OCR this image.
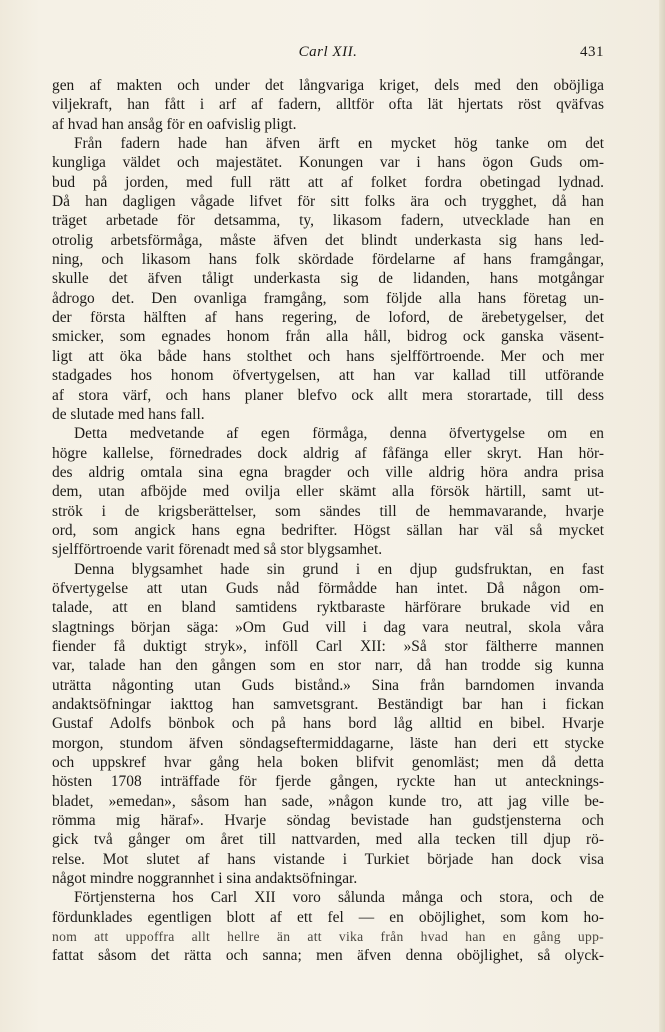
Carl XII.	431
gen af makten och under det långvariga kriget, dels med den oböjliga
viljekraft, han fått i arf af fadern, alltför ofta lät hjertats röst qväfvas
af hvad han ansåg för en oafvislig pligt.
Från fadern hade han äfven ärft en mycket hög tanke om det
kungliga väldet och majestätet. Konungen var i hans ögon Guds om-
bud på jorden, med full rätt att af folket fordra obetingad lydnad.
Då han dagligen vågade lifvet för sitt folks ära och trygghet, då han
träget arbetade för detsamma, ty, likasom fadern, utvecklade han en
otrolig arbetsförmåga, måste äfven det blindt underkasta sig hans led-
ning, och likasom hans folk skördade fördelarne af hans framgångar,
skulle det äfven tåligt underkasta sig de lidanden, hans motgångar
ådrogo det. Den ovanliga framgång, som följde alla hans företag un-
der första hälften af hans regering, de loford, de ärebetygelser, det
smicker, som egnades honom från alla håll, bidrog ock ganska väsent-
ligt att öka både hans stolthet och hans sjelfförtroende. Mer och mer
stadgades hos honom öfvertygelsen, att han var kallad till utförande
af stora värf, och hans planer blefvo ock allt mera storartade, till dess
de slutade med hans fall.
Detta medvetande af egen förmåga, denna öfvertygelse om en
högre kallelse, förnedrades dock aldrig af fåfänga eller skryt. Han hör-
des aldrig omtala sina egna bragder och ville aldrig höra andra prisa
dem, utan afböjde med ovilja eller skämt alla försök härtill, samt ut-
strök i de krigsberättelser, som sändes till de hemmavarande, hvarje
ord, som angick hans egna bedrifter. Högst sällan har väl så mycket
sjelfförtroende varit förenadt med så stor blygsamhet.
Denna blygsamhet hade sin grund i en djup gudsfruktan, en fast
öfvertygelse att utan Guds nåd förmådde han intet. Då någon om-
talade, att en bland samtidens ryktbaraste härförare brukade vid en
slagtnings början säga: »Om Gud vill i dag vara neutral, skola våra
fiender få duktigt stryk», inföll Carl XII: »Så stor fältherre mannen
var, talade han den gången som en stor narr, då han trodde sig kunna
uträtta någonting utan Guds bistånd.» Sina från barndomen invanda
andaktsöfningar iakttog han samvetsgrant. Beständigt bar han i fickan
Gustaf Adolfs bönbok och på hans bord låg alltid en bibel. Hvarje
morgon, stundom äfven söndagseftermiddagarne, läste han deri ett stycke
och uppskref hvar gång hela boken blifvit genomläst; men då detta
hösten 1708 inträffade för fjerde gången, ryckte han ut antecknings-
bladet, »emedan», såsom han sade, »någon kunde tro, att jag ville be-
römma mig häraf». Hvarje söndag bevistade han gudstjensterna och
gick två gånger om året till nattvarden, med alla tecken till djup rö-
relse. Mot slutet af hans vistande i Turkiet började han dock visa
något mindre noggrannhet i sina andaktsöfningar.
Förtjensterna hos Carl XII voro sålunda många och stora, och de
fördunklades egentligen blott af ett fel — en oböjlighet, som kom ho-
nom att uppoffra allt hellre än att vika från hvad han en gång upp-
fattat såsom det rätta och sanna; men äfven denna oböjlighet, så olyck-
